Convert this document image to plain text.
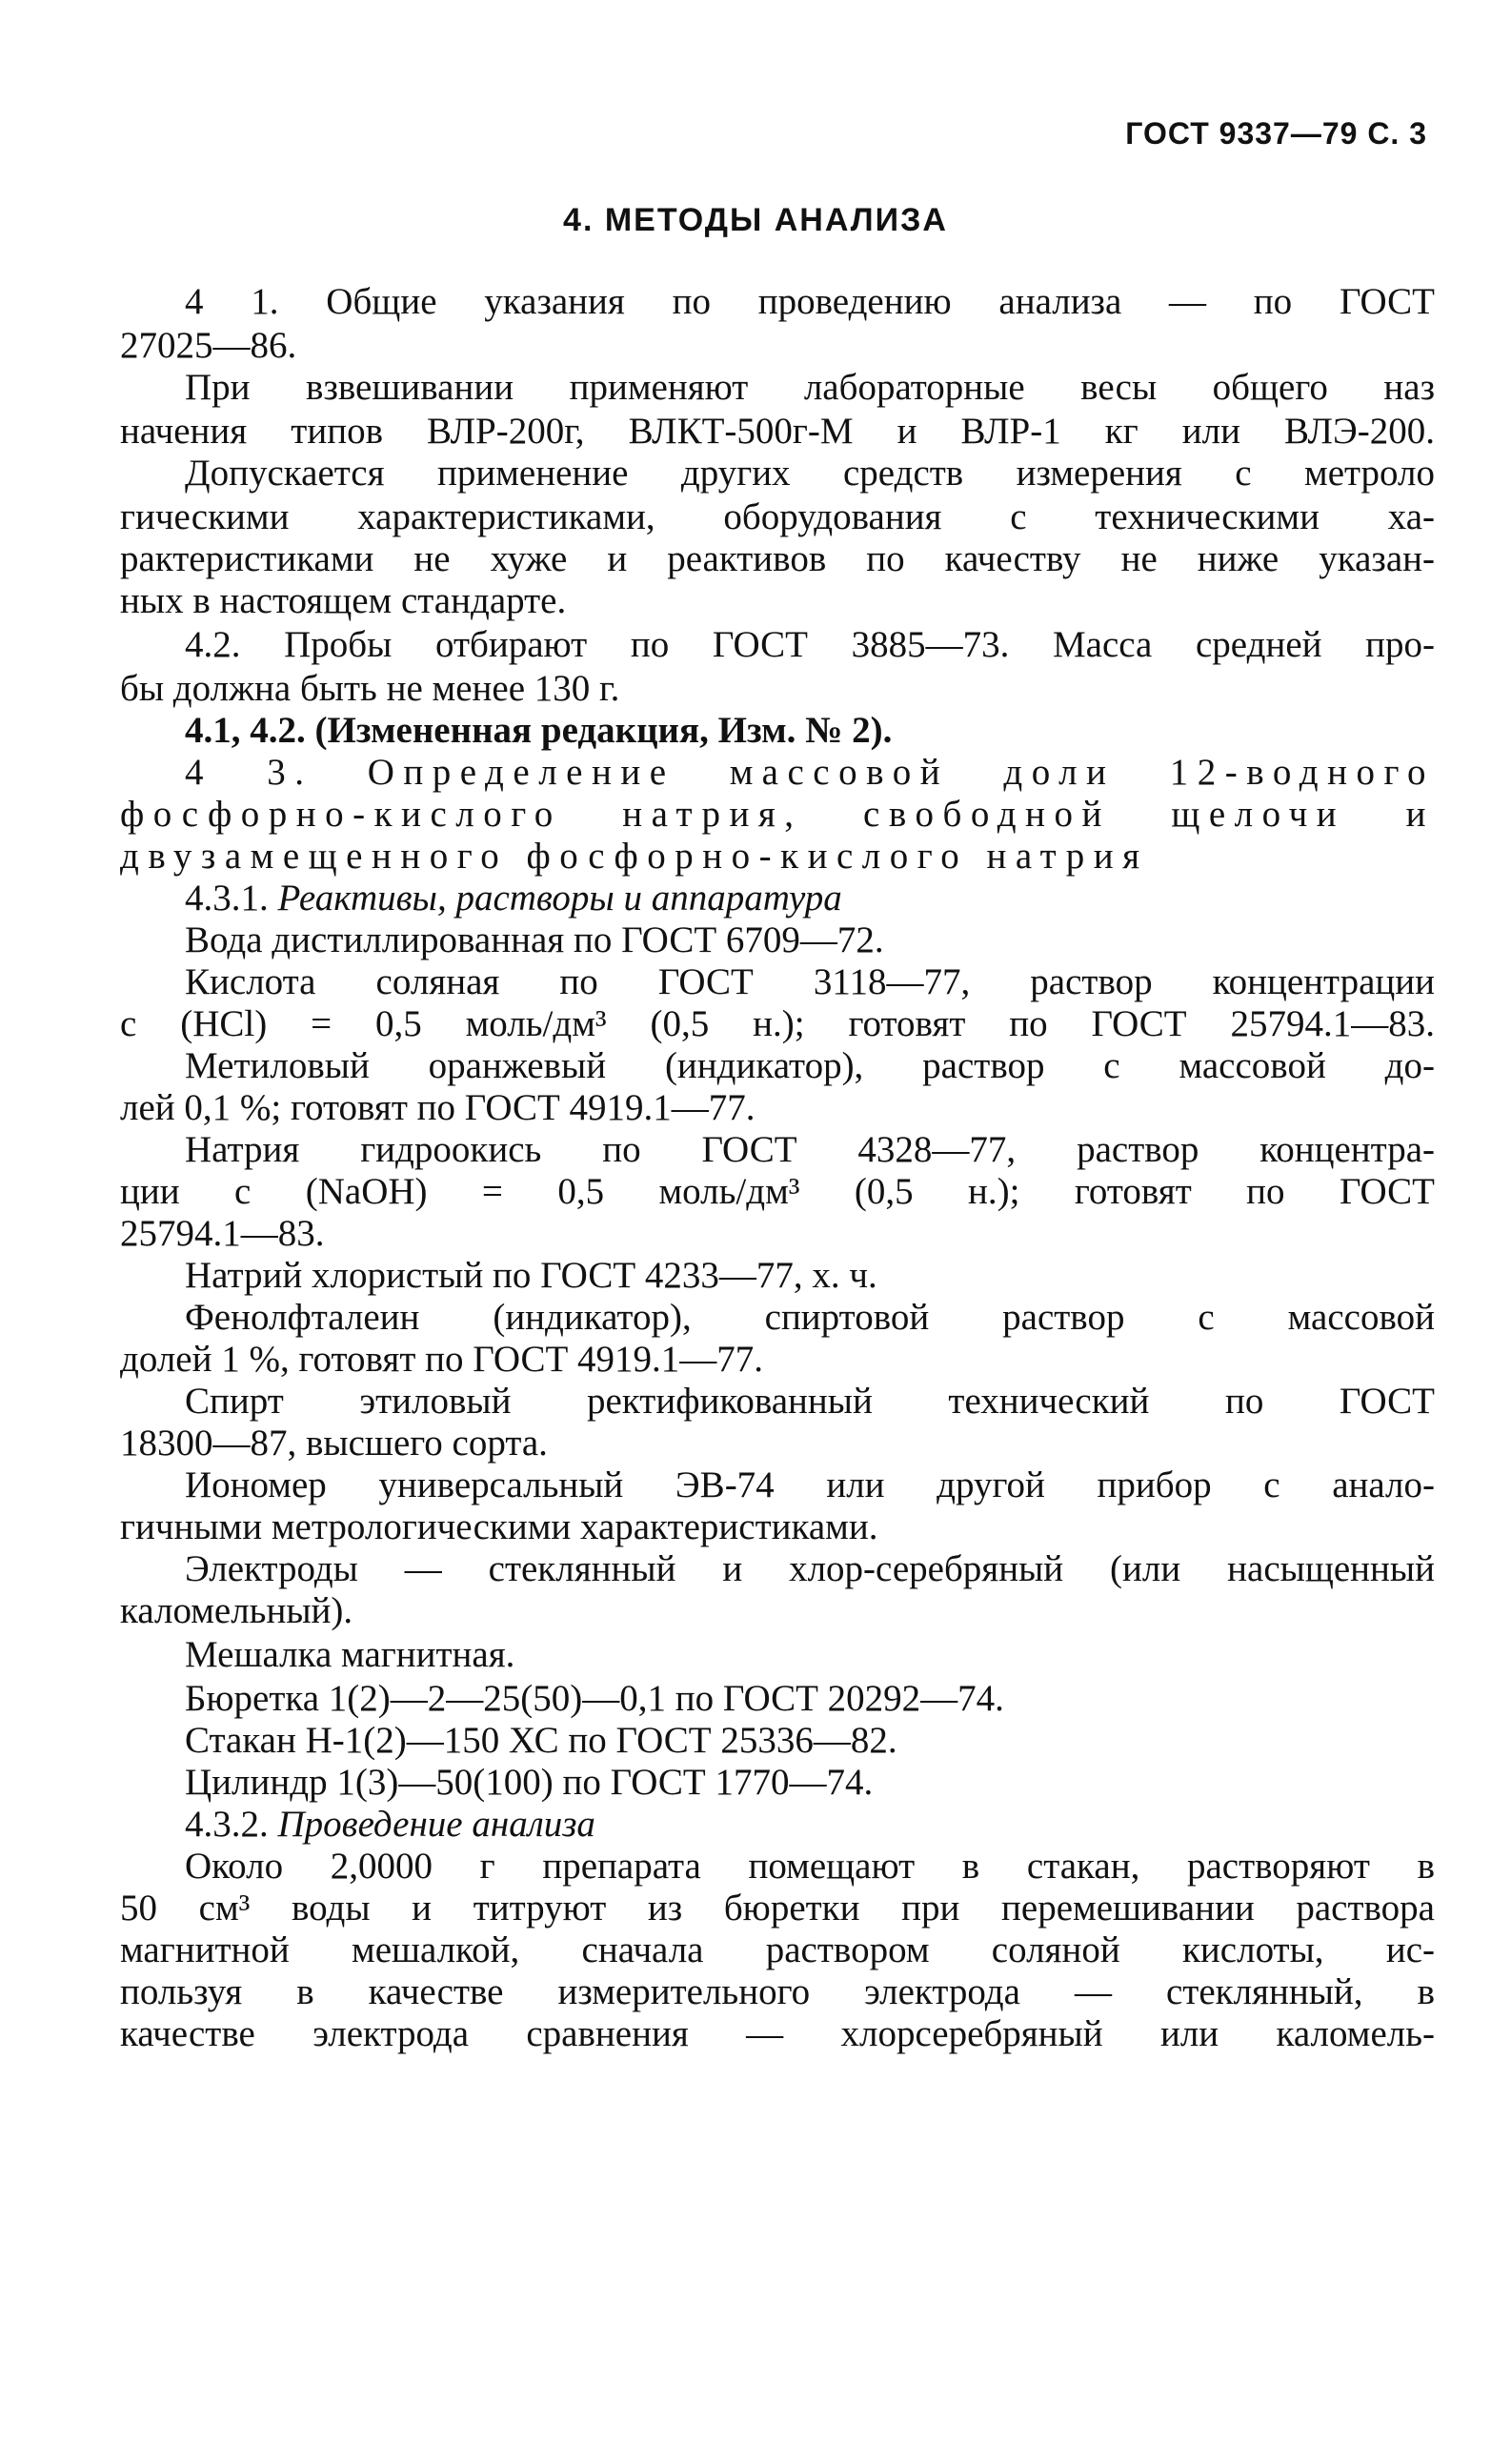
ГОСТ 9337—79 С. 3
4. МЕТОДЫ АНАЛИЗА
4 1. Общие указания по проведению анализа — по ГОСТ
27025—86.
При взвешивании применяют лабораторные весы общего наз
начения типов ВЛР-200г, ВЛКТ-500г-М и ВЛР-1 кг или ВЛЭ-200.
Допускается применение других средств измерения с метроло
гическими характеристиками, оборудования с техническими ха-
рактеристиками не хуже и реактивов по качеству не ниже указан-
ных в настоящем стандарте.
4.2. Пробы отбирают по ГОСТ 3885—73. Масса средней про-
бы должна быть не менее 130 г.
4.1, 4.2. (Измененная редакция, Изм. № 2).
4 3. Определение массовой доли 12-водного
фосфорно-кислого натрия, свободной щелочи и
двузамещенного фосфорно-кислого натрия
4.3.1. Реактивы, растворы и аппаратура
Вода дистиллированная по ГОСТ 6709—72.
Кислота соляная по ГОСТ 3118—77, раствор концентрации
c (HCl) = 0,5 моль/дм³ (0,5 н.); готовят по ГОСТ 25794.1—83.
Метиловый оранжевый (индикатор), раствор с массовой до-
лей 0,1 %; готовят по ГОСТ 4919.1—77.
Натрия гидроокись по ГОСТ 4328—77, раствор концентра-
ции c (NaOH) = 0,5 моль/дм³ (0,5 н.); готовят по ГОСТ
25794.1—83.
Натрий хлористый по ГОСТ 4233—77, х. ч.
Фенолфталеин (индикатор), спиртовой раствор с массовой
долей 1 %, готовят по ГОСТ 4919.1—77.
Спирт этиловый ректификованный технический по ГОСТ
18300—87, высшего сорта.
Иономер универсальный ЭВ-74 или другой прибор с анало-
гичными метрологическими характеристиками.
Электроды — стеклянный и хлор-серебряный (или насыщенный
каломельный).
Мешалка магнитная.
Бюретка 1(2)—2—25(50)—0,1 по ГОСТ 20292—74.
Стакан Н-1(2)—150 ХС по ГОСТ 25336—82.
Цилиндр 1(3)—50(100) по ГОСТ 1770—74.
4.3.2. Проведение анализа
Около 2,0000 г препарата помещают в стакан, растворяют в
50 см³ воды и титруют из бюретки при перемешивании раствора
магнитной мешалкой, сначала раствором соляной кислоты, ис-
пользуя в качестве измерительного электрода — стеклянный, в
качестве электрода сравнения — хлорсеребряный или каломель-
